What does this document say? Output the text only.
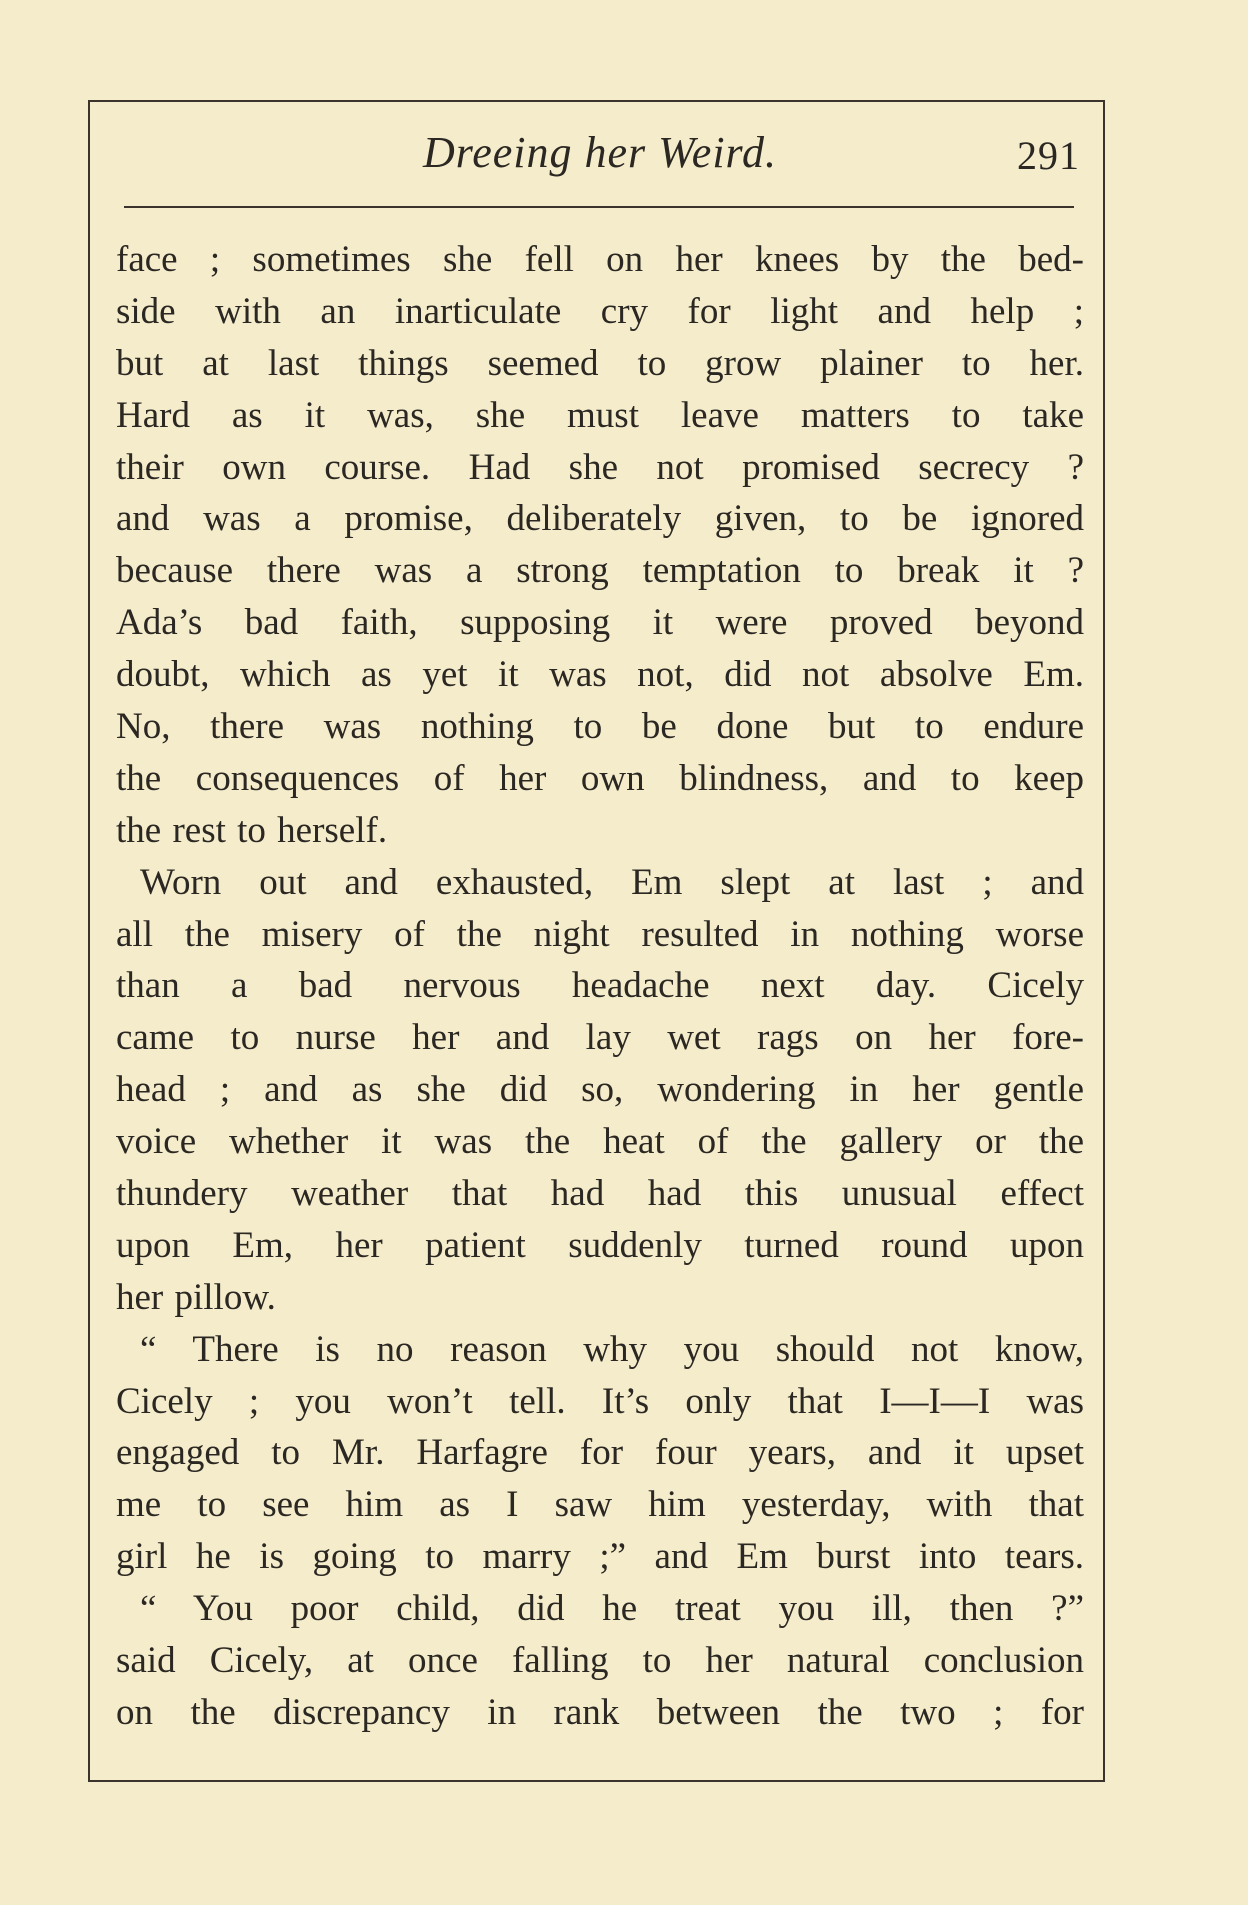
Dreeing her Weird.	291
face ; sometimes she fell on her knees by the bed-
side with an inarticulate cry for light and help ;
but at last things seemed to grow plainer to her.
Hard as it was, she must leave matters to take
their own course. Had she not promised secrecy ?
and was a promise, deliberately given, to be ignored
because there was a strong temptation to break it ?
Ada’s bad faith, supposing it were proved beyond
doubt, which as yet it was not, did not absolve Em.
No, there was nothing to be done but to endure
the consequences of her own blindness, and to keep
the rest to herself.
Worn out and exhausted, Em slept at last ; and
all the misery of the night resulted in nothing worse
than a bad nervous headache next day. Cicely
came to nurse her and lay wet rags on her fore-
head ; and as she did so, wondering in her gentle
voice whether it was the heat of the gallery or the
thundery weather that had had this unusual effect
upon Em, her patient suddenly turned round upon
her pillow.
“ There is no reason why you should not know,
Cicely ; you won’t tell. It’s only that I—I—I was
engaged to Mr. Harfagre for four years, and it upset
me to see him as I saw him yesterday, with that
girl he is going to marry ;” and Em burst into tears.
“ You poor child, did he treat you ill, then ?”
said Cicely, at once falling to her natural conclusion
on the discrepancy in rank between the two ; for
